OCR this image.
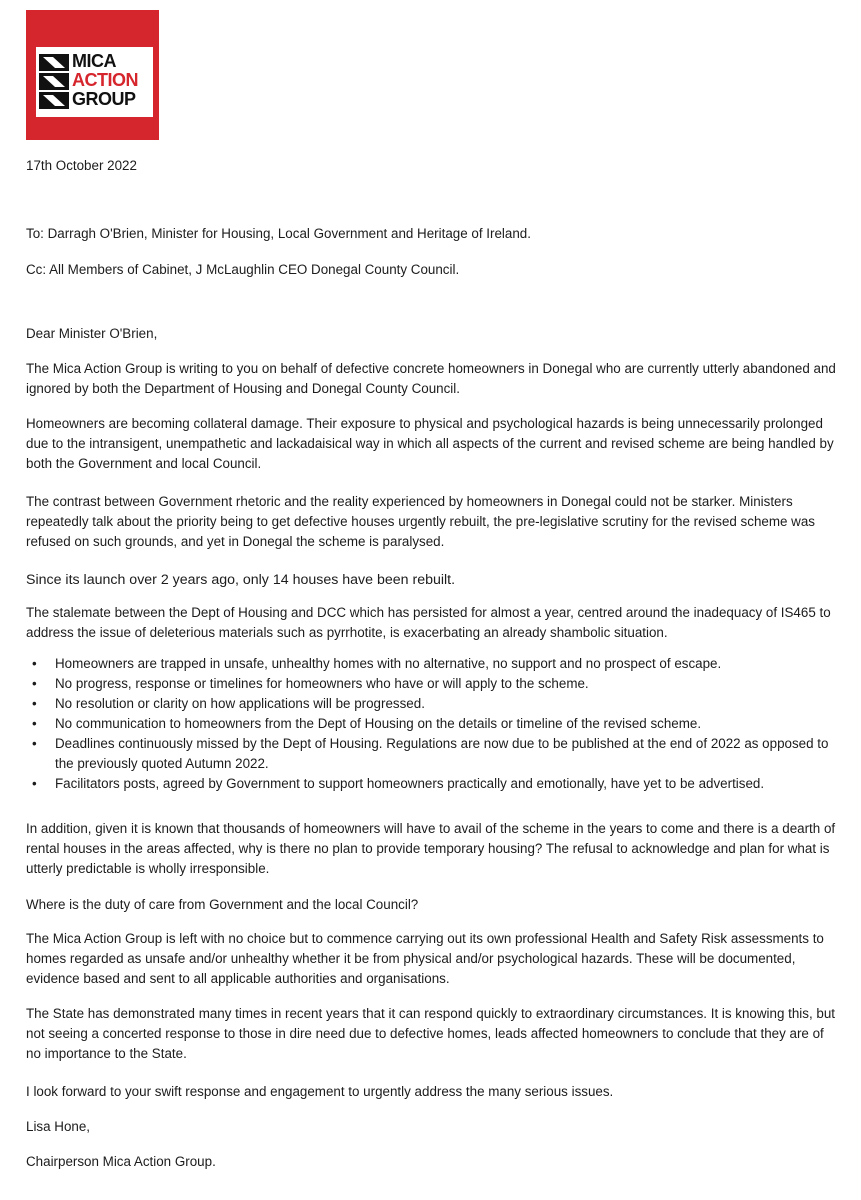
MICA
ACTION
GROUP

17th October 2022

To: Darragh O'Brien, Minister for Housing, Local Government and Heritage of Ireland.

Cc: All Members of Cabinet, J McLaughlin CEO Donegal County Council.

Dear Minister O'Brien,

The Mica Action Group is writing to you on behalf of defective concrete homeowners in Donegal who are currently utterly abandoned and ignored by both the Department of Housing and Donegal County Council.

Homeowners are becoming collateral damage. Their exposure to physical and psychological hazards is being unnecessarily prolonged due to the intransigent, unempathetic and lackadaisical way in which all aspects of the current and revised scheme are being handled by both the Government and local Council.

The contrast between Government rhetoric and the reality experienced by homeowners in Donegal could not be starker. Ministers repeatedly talk about the priority being to get defective houses urgently rebuilt, the pre-legislative scrutiny for the revised scheme was refused on such grounds, and yet in Donegal the scheme is paralysed.

Since its launch over 2 years ago, only 14 houses have been rebuilt.

The stalemate between the Dept of Housing and DCC which has persisted for almost a year, centred around the inadequacy of IS465 to address the issue of deleterious materials such as pyrrhotite, is exacerbating an already shambolic situation.

• Homeowners are trapped in unsafe, unhealthy homes with no alternative, no support and no prospect of escape.
• No progress, response or timelines for homeowners who have or will apply to the scheme.
• No resolution or clarity on how applications will be progressed.
• No communication to homeowners from the Dept of Housing on the details or timeline of the revised scheme.
• Deadlines continuously missed by the Dept of Housing. Regulations are now due to be published at the end of 2022 as opposed to the previously quoted Autumn 2022.
• Facilitators posts, agreed by Government to support homeowners practically and emotionally, have yet to be advertised.

In addition, given it is known that thousands of homeowners will have to avail of the scheme in the years to come and there is a dearth of rental houses in the areas affected, why is there no plan to provide temporary housing? The refusal to acknowledge and plan for what is utterly predictable is wholly irresponsible.

Where is the duty of care from Government and the local Council?

The Mica Action Group is left with no choice but to commence carrying out its own professional Health and Safety Risk assessments to homes regarded as unsafe and/or unhealthy whether it be from physical and/or psychological hazards. These will be documented, evidence based and sent to all applicable authorities and organisations.

The State has demonstrated many times in recent years that it can respond quickly to extraordinary circumstances. It is knowing this, but not seeing a concerted response to those in dire need due to defective homes, leads affected homeowners to conclude that they are of no importance to the State.

I look forward to your swift response and engagement to urgently address the many serious issues.

Lisa Hone,

Chairperson Mica Action Group.
